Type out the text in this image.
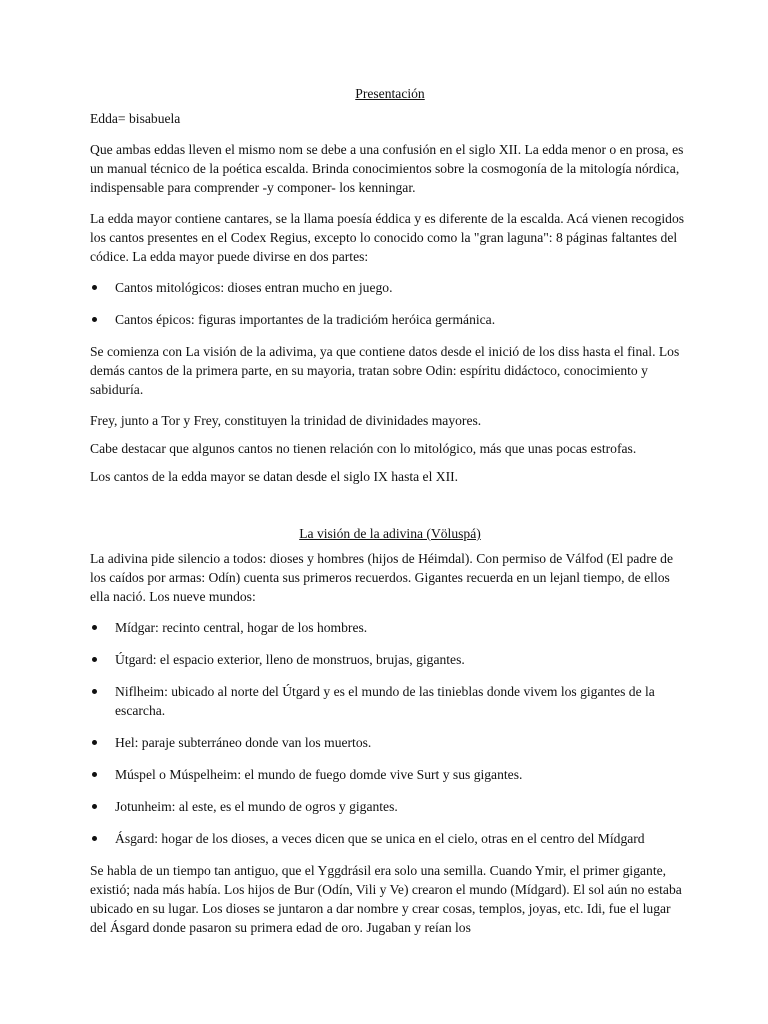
Presentación

Edda= bisabuela

Que ambas eddas lleven el mismo nom se debe a una confusión en el siglo XII. La edda menor o en prosa, es un manual técnico de la poética escalda. Brinda conocimientos sobre la cosmogonía de la mitología nórdica, indispensable para comprender -y componer- los kenningar.

La edda mayor contiene cantares, se la llama poesía éddica y es diferente de la escalda. Acá vienen recogidos los cantos presentes en el Codex Regius, excepto lo conocido como la "gran laguna": 8 páginas faltantes del códice. La edda mayor puede divirse en dos partes:

Cantos mitológicos: dioses entran mucho en juego.
Cantos épicos: figuras importantes de la tradicióm heróica germánica.

Se comienza con La visión de la adivima, ya que contiene datos desde el inició de los diss hasta el final. Los demás cantos de la primera parte, en su mayoria, tratan sobre Odin: espíritu didáctoco, conocimiento y sabiduría.

Frey, junto a Tor y Frey, constituyen la trinidad de divinidades mayores.

Cabe destacar que algunos cantos no tienen relación con lo mitológico, más que unas pocas estrofas.

Los cantos de la edda mayor se datan desde el siglo IX hasta el XII.

La visión de la adivina (Völuspá)

La adivina pide silencio a todos: dioses y hombres (hijos de Héimdal). Con permiso de Válfod (El padre de los caídos por armas: Odín) cuenta sus primeros recuerdos. Gigantes recuerda en un lejanl tiempo, de ellos ella nació. Los nueve mundos:

Mídgar: recinto central, hogar de los hombres.
Útgard: el espacio exterior, lleno de monstruos, brujas, gigantes.
Niflheim: ubicado al norte del Útgard y es el mundo de las tinieblas donde vivem los gigantes de la escarcha.
Hel: paraje subterráneo donde van los muertos.
Múspel o Múspelheim: el mundo de fuego domde vive Surt y sus gigantes.
Jotunheim: al este, es el mundo de ogros y gigantes.
Ásgard: hogar de los dioses, a veces dicen que se unica en el cielo, otras en el centro del Mídgard

Se habla de un tiempo tan antiguo, que el Yggdrásil era solo una semilla. Cuando Ymir, el primer gigante, existió; nada más había. Los hijos de Bur (Odín, Vili y Ve) crearon el mundo (Mídgard). El sol aún no estaba ubicado en su lugar. Los dioses se juntaron a dar nombre y crear cosas, templos, joyas, etc. Idi, fue el lugar del Ásgard donde pasaron su primera edad de oro. Jugaban y reían los
